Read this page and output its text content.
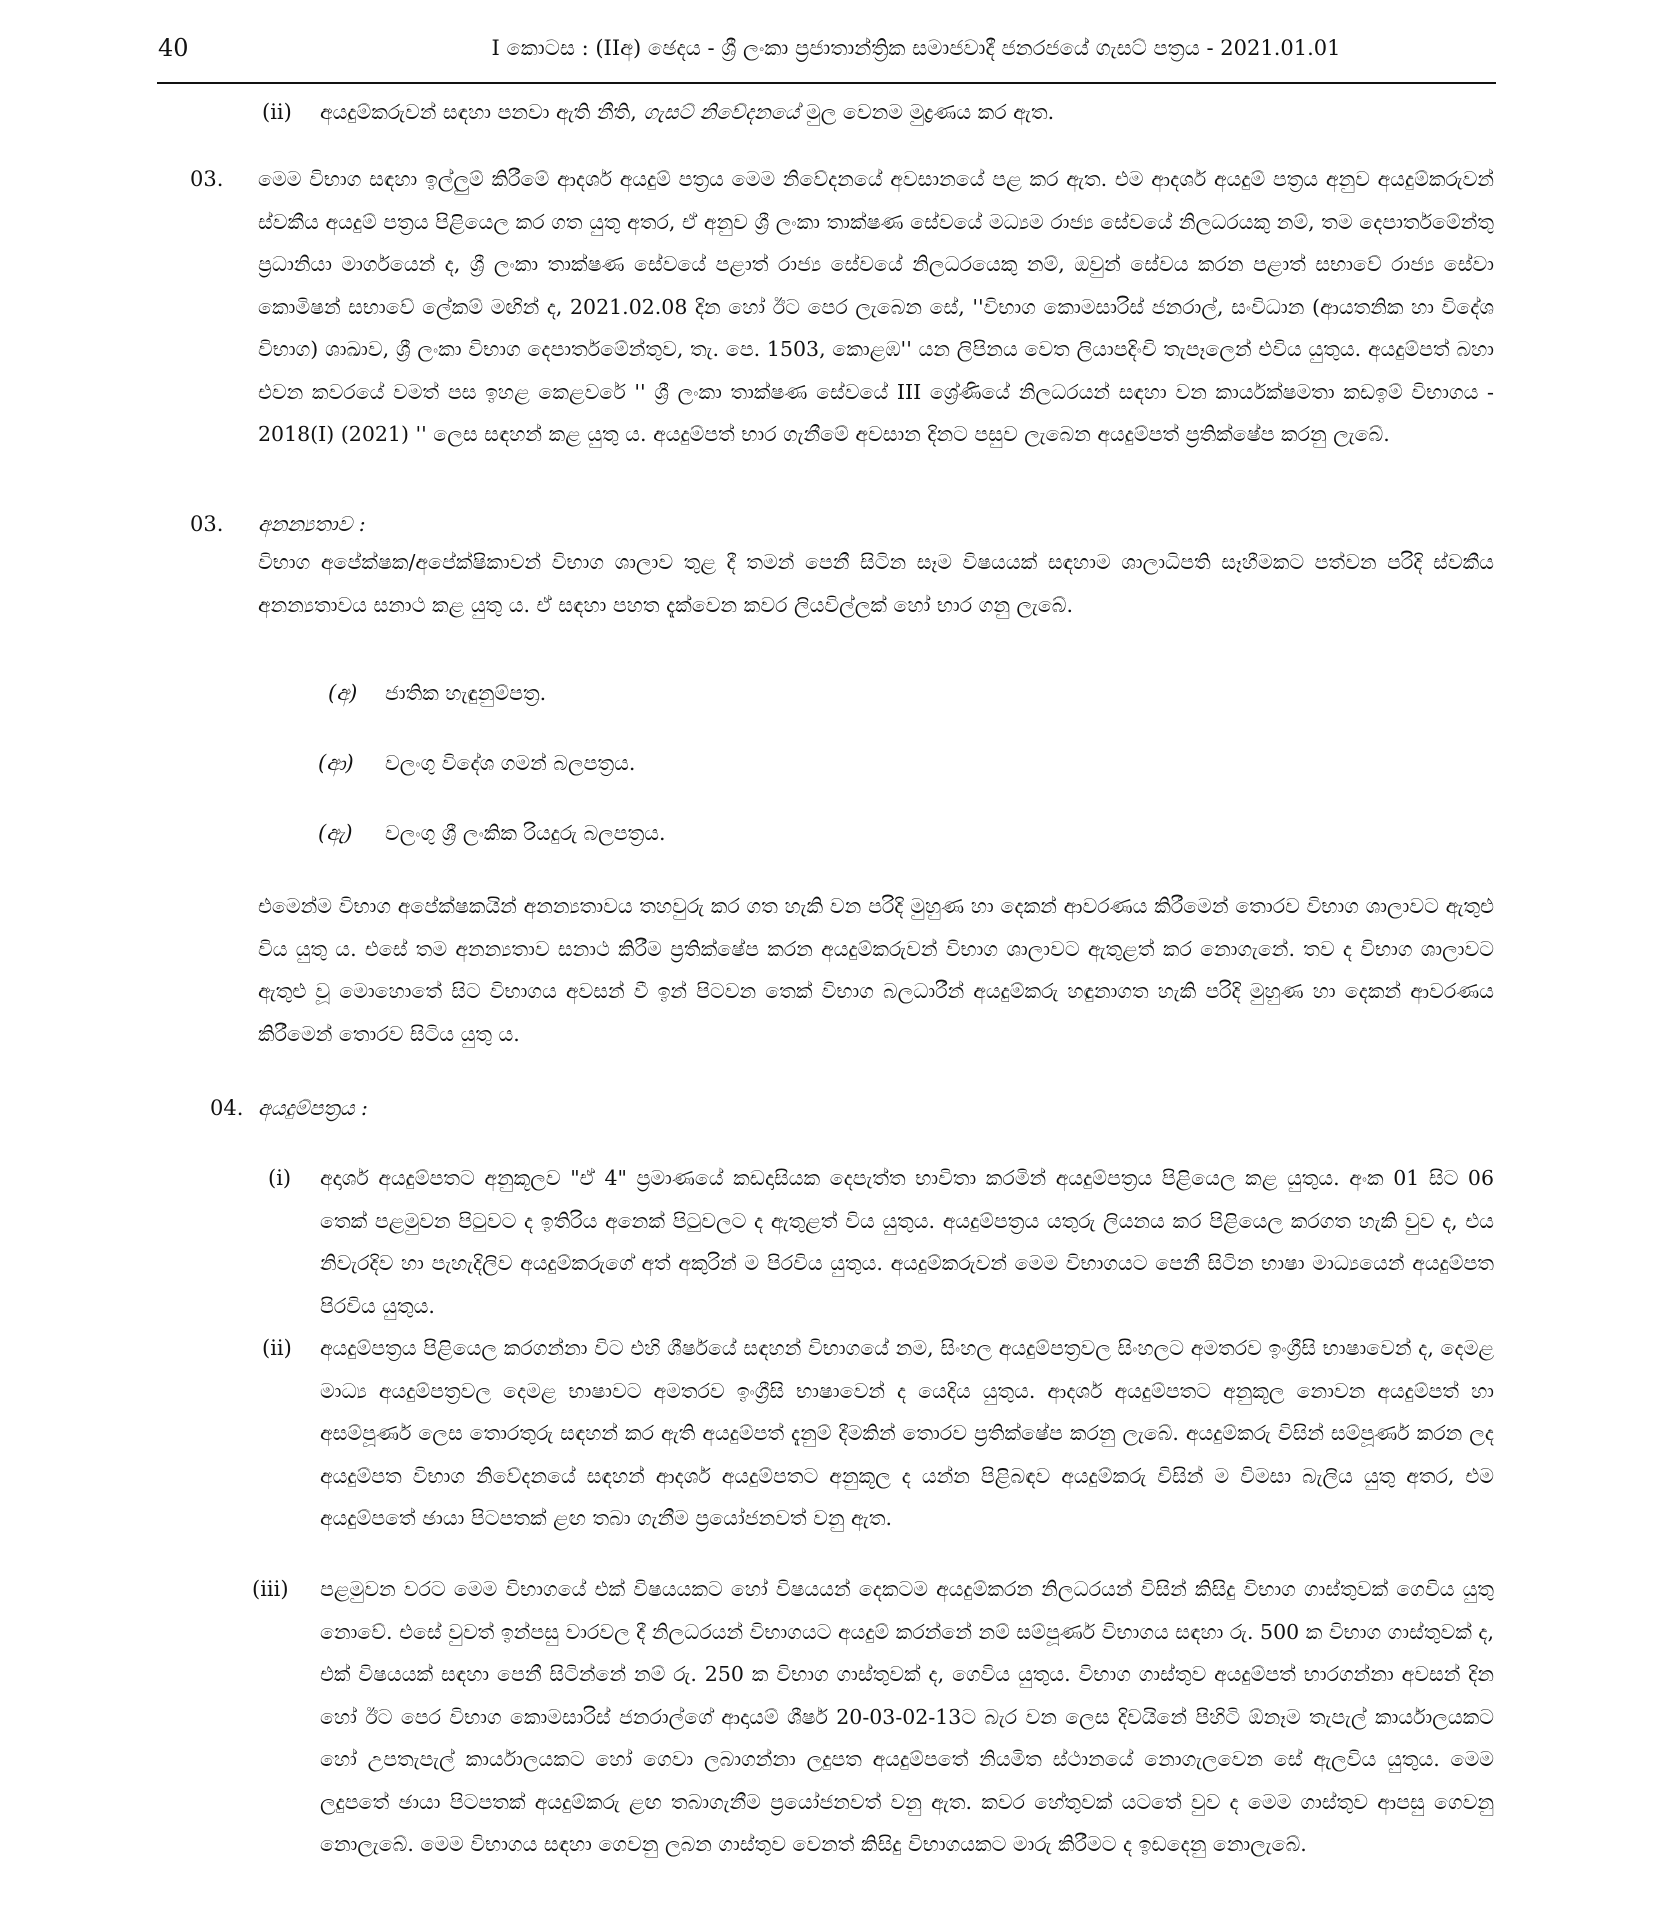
40	I කොටස : (IIඅ) ඡෙදය - ශ්‍රී ලංකා ප්‍රජාතාන්ත්‍රික සමාජවාදී ජනරජයේ ගැසට් පත්‍රය - 2021.01.01
(ii) අයදුම්කරුවන් සඳහා පනවා ඇති නීති, ගැසට් නිවේදනයේ මුල වෙනම මුද්‍රණය කර ඇත.
03. මෙම විභාග සඳහා ඉල්ලුම් කිරීමේ ආදර්ශ අයදුම් පත්‍රය මෙම නිවේදනයේ අවසානයේ පළ කර ඇත. එම ආදර්ශ අයදුම් පත්‍රය අනුව අයදුම්කරුවන් ස්වකීය අයදුම් පත්‍රය පිළියෙල කර ගත යුතු අතර, ඒ අනුව ශ්‍රී ලංකා තාක්ෂණ සේවයේ මධ්‍යම රාජ්‍ය සේවයේ නිලධරයකු නම්, තම දෙපාර්තමේන්තු ප්‍රධානියා මාර්ගයෙන් ද, ශ්‍රී ලංකා තාක්ෂණ සේවයේ පළාත් රාජ්‍ය සේවයේ නිලධරයෙකු නම්, ඔවුන් සේවය කරන පළාත් සභාවේ රාජ්‍ය සේවා කොමිෂන් සභාවේ ලේකම් මඟින් ද, 2021.02.08 දින හෝ ඊට පෙර ලැබෙන සේ, ''විභාග කොමසාරිස් ජනරාල්, සංවිධාන (ආයතනික හා විදේශ විභාග) ශාඛාව, ශ්‍රී ලංකා විභාග දෙපාර්තමේන්තුව, තැ. පෙ. 1503, කොළඹ'' යන ලිපිනය වෙත ලියාපදිංචි තැපෑලෙන් එවිය යුතුය. අයදුම්පත් බහා එවන කවරයේ වමත් පස ඉහළ කෙළවරේ '' ශ්‍රී ලංකා තාක්ෂණ සේවයේ III ශ්‍රේණියේ නිලධරයන් සඳහා වන කාර්යක්ෂමතා කඩඉම් විභාගය - 2018(I) (2021) '' ලෙස සඳහන් කළ යුතු ය. අයදුම්පත් භාර ගැනීමේ අවසාන දිනට පසුව ලැබෙන අයදුම්පත් ප්‍රතික්ෂේප කරනු ලැබේ.
03. අනන්‍යතාව :
විභාග අපේක්ෂක/අපේක්ෂිකාවන් විභාග ශාලාව තුළ දී තමන් පෙනී සිටින සෑම විෂයයක් සඳහාම ශාලාධිපති සෑහීමකට පත්වන පරිදි ස්වකීය අනන්‍යතාවය සනාථ කළ යුතු ය. ඒ සඳහා පහත දැක්වෙන කවර ලියවිල්ලක් හෝ භාර ගනු ලැබේ.
(අ) ජාතික හැඳුනුම්පත්‍ර.
(ආ) වලංගු විදේශ ගමන් බලපත්‍රය.
(ඇ) වලංගු ශ්‍රී ලංකික රියදුරු බලපත්‍රය.
එමෙන්ම විභාග අපේක්ෂකයින් අනන්‍යතාවය තහවුරු කර ගත හැකි වන පරිදි මුහුණ හා දෙකන් ආවරණය කිරීමෙන් තොරව විභාග ශාලාවට ඇතුළු විය යුතු ය. එසේ තම අනන්‍යතාව සනාථ කිරීම ප්‍රතික්ෂේප කරන අයදුම්කරුවන් විභාග ශාලාවට ඇතුළත් කර නොගැනේ. තව ද විභාග ශාලාවට ඇතුළු වූ මොහොතේ සිට විභාගය අවසන් වී ඉන් පිටවන තෙක් විභාග බලධාරීන් අයදුම්කරු හඳුනාගත හැකි පරිදි මුහුණ හා දෙකන් ආවරණය කිරීමෙන් තොරව සිටිය යුතු ය.
04. අයදුම්පත්‍රය :
(i) අදාර්ශ අයදුම්පතට අනුකූලව "ඒ 4" ප්‍රමාණයේ කඩදාසියක දෙපැත්ත භාවිතා කරමින් අයදුම්පත්‍රය පිළියෙල කළ යුතුය. අංක 01 සිට 06 තෙක් පළමුවන පිටුවට ද ඉතිරිය අනෙක් පිටුවලට ද ඇතුළත් විය යුතුය. අයදුම්පත්‍රය යතුරු ලියනය කර පිළියෙල කරගත හැකි වුව ද, එය නිවැරදිව හා පැහැදිලිව අයදුම්කරුගේ අත් අකුරින් ම පිරවිය යුතුය. අයදුම්කරුවන් මෙම විභාගයට පෙනී සිටින භාෂා මාධ්‍යයෙන් අයදුම්පත පිරවිය යුතුය.
(ii) අයදුම්පත්‍රය පිළියෙල කරගන්නා විට එහි ශීර්ෂයේ සඳහන් විභාගයේ නම, සිංහල අයදුම්පත්‍රවල සිංහලට අමතරව ඉංග්‍රීසි භාෂාවෙන් ද, දෙමළ මාධ්‍ය අයදුම්පත්‍රවල දෙමළ භාෂාවට අමතරව ඉංග්‍රීසි භාෂාවෙන් ද යෙදිය යුතුය. ආදර්ශ අයදුම්පතට අනුකූල නොවන අයදුම්පත් හා අසම්පූර්ණ ලෙස තොරතුරු සඳහන් කර ඇති අයදුම්පත් දැනුම් දීමකින් තොරව ප්‍රතික්ෂේප කරනු ලැබේ. අයදුම්කරු විසින් සම්පූර්ණ කරන ලද අයදුම්පත විභාග නිවේදනයේ සඳහන් ආදර්ශ අයදුම්පතට අනුකූල ද යන්න පිළිබඳව අයදුම්කරු විසින් ම විමසා බැලිය යුතු අතර, එම අයදුම්පතේ ඡායා පිටපතක් ළඟ තබා ගැනීම ප්‍රයෝජනවත් වනු ඇත.
(iii) පළමුවන වරට මෙම විභාගයේ එක් විෂයයකට හෝ විෂයයන් දෙකටම අයදුම්කරන නිලධරයන් විසින් කිසිදු විභාග ගාස්තුවක් ගෙවිය යුතු නොවේ. එසේ වුවත් ඉන්පසු වාරවල දී නිලධරයන් විභාගයට අයදුම් කරන්නේ නම් සම්පූර්ණ විභාගය සඳහා රු. 500 ක විභාග ගාස්තුවක් ද, එක් විෂයයක් සඳහා පෙනී සිටින්නේ නම් රු. 250 ක විභාග ගාස්තුවක් ද, ගෙවිය යුතුය. විභාග ගාස්තුව අයදුම්පත් භාරගන්නා අවසන් දින හෝ ඊට පෙර විභාග කොමසාරිස් ජනරාල්ගේ ආදායම් ශීර්ෂ 20-03-02-13ට බැර වන ලෙස දිවයිනේ පිහිටි ඕනෑම තැපැල් කාර්යාලයකට හෝ උපතැපැල් කාර්යාලයකට හෝ ගෙවා ලබාගන්නා ලදුපත අයදුම්පතේ නියමිත ස්ථානයේ නොගැලවෙන සේ ඇලවිය යුතුය. මෙම ලදුපතේ ඡායා පිටපතක් අයදුම්කරු ළඟ තබාගැනීම ප්‍රයෝජනවත් වනු ඇත. කවර හේතුවක් යටතේ වුව ද මෙම ගාස්තුව ආපසු ගෙවනු නොලැබේ. මෙම විභාගය සඳහා ගෙවනු ලබන ගාස්තුව වෙනත් කිසිදු විභාගයකට මාරු කිරීමට ද ඉඩදෙනු නොලැබේ.
